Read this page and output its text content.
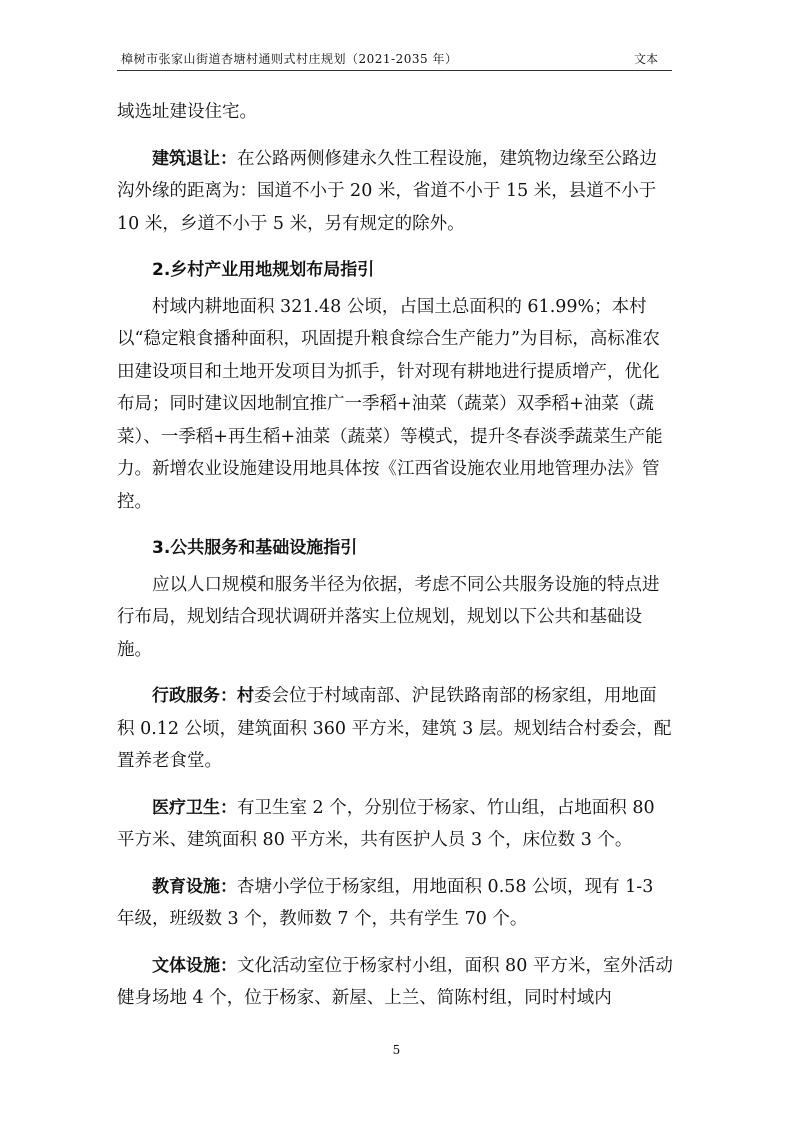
樟树市张家山街道杏塘村通则式村庄规划（2021-2035 年）	文本

域选址建设住宅。

建筑退让：在公路两侧修建永久性工程设施，建筑物边缘至公路边沟外缘的距离为：国道不小于 20 米，省道不小于 15 米，县道不小于 10 米，乡道不小于 5 米，另有规定的除外。

2.乡村产业用地规划布局指引

村域内耕地面积 321.48 公顷，占国土总面积的 61.99%；本村以“稳定粮食播种面积，巩固提升粮食综合生产能力”为目标，高标准农田建设项目和土地开发项目为抓手，针对现有耕地进行提质增产，优化布局；同时建议因地制宜推广一季稻+油菜（蔬菜）双季稻+油菜（蔬菜）、一季稻+再生稻+油菜（蔬菜）等模式，提升冬春淡季蔬菜生产能力。新增农业设施建设用地具体按《江西省设施农业用地管理办法》管控。

3.公共服务和基础设施指引

应以人口规模和服务半径为依据，考虑不同公共服务设施的特点进行布局，规划结合现状调研并落实上位规划，规划以下公共和基础设施。

行政服务：村委会位于村域南部、沪昆铁路南部的杨家组，用地面积 0.12 公顷，建筑面积 360 平方米，建筑 3 层。规划结合村委会，配置养老食堂。

医疗卫生：有卫生室 2 个，分别位于杨家、竹山组，占地面积 80 平方米、建筑面积 80 平方米，共有医护人员 3 个，床位数 3 个。

教育设施：杏塘小学位于杨家组，用地面积 0.58 公顷，现有 1-3 年级，班级数 3 个，教师数 7 个，共有学生 70 个。

文体设施：文化活动室位于杨家村小组，面积 80 平方米，室外活动健身场地 4 个，位于杨家、新屋、上兰、简陈村组，同时村域内

5
